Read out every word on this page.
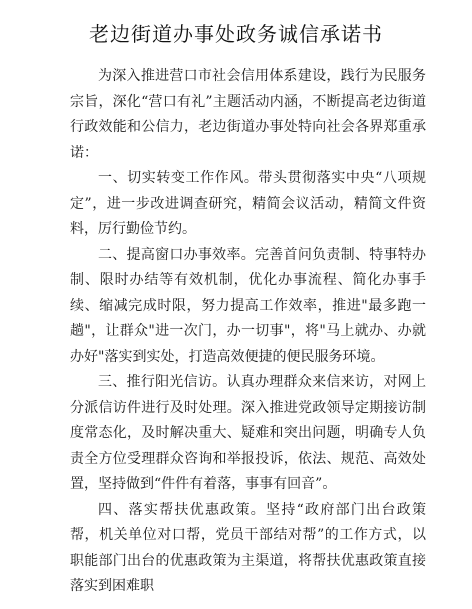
老边街道办事处政务诚信承诺书

为深入推进营口市社会信用体系建设，践行为民服务宗旨，深化“营口有礼”主题活动内涵，不断提高老边街道行政效能和公信力，老边街道办事处特向社会各界郑重承诺：

一、切实转变工作作风。带头贯彻落实中央“八项规定”，进一步改进调查研究，精简会议活动，精简文件资料，厉行勤俭节约。

二、提高窗口办事效率。完善首问负责制、特事特办制、限时办结等有效机制，优化办事流程、简化办事手续、缩减完成时限，努力提高工作效率，推进"最多跑一趟"，让群众"进一次门，办一切事"，将"马上就办、办就办好"落实到实处，打造高效便捷的便民服务环境。

三、推行阳光信访。认真办理群众来信来访，对网上分派信访件进行及时处理。深入推进党政领导定期接访制度常态化，及时解决重大、疑难和突出问题，明确专人负责全方位受理群众咨询和举报投诉，依法、规范、高效处置，坚持做到“件件有着落，事事有回音”。

四、落实帮扶优惠政策。坚持“政府部门出台政策帮，机关单位对口帮，党员干部结对帮”的工作方式，以职能部门出台的优惠政策为主渠道，将帮扶优惠政策直接落实到困难职
